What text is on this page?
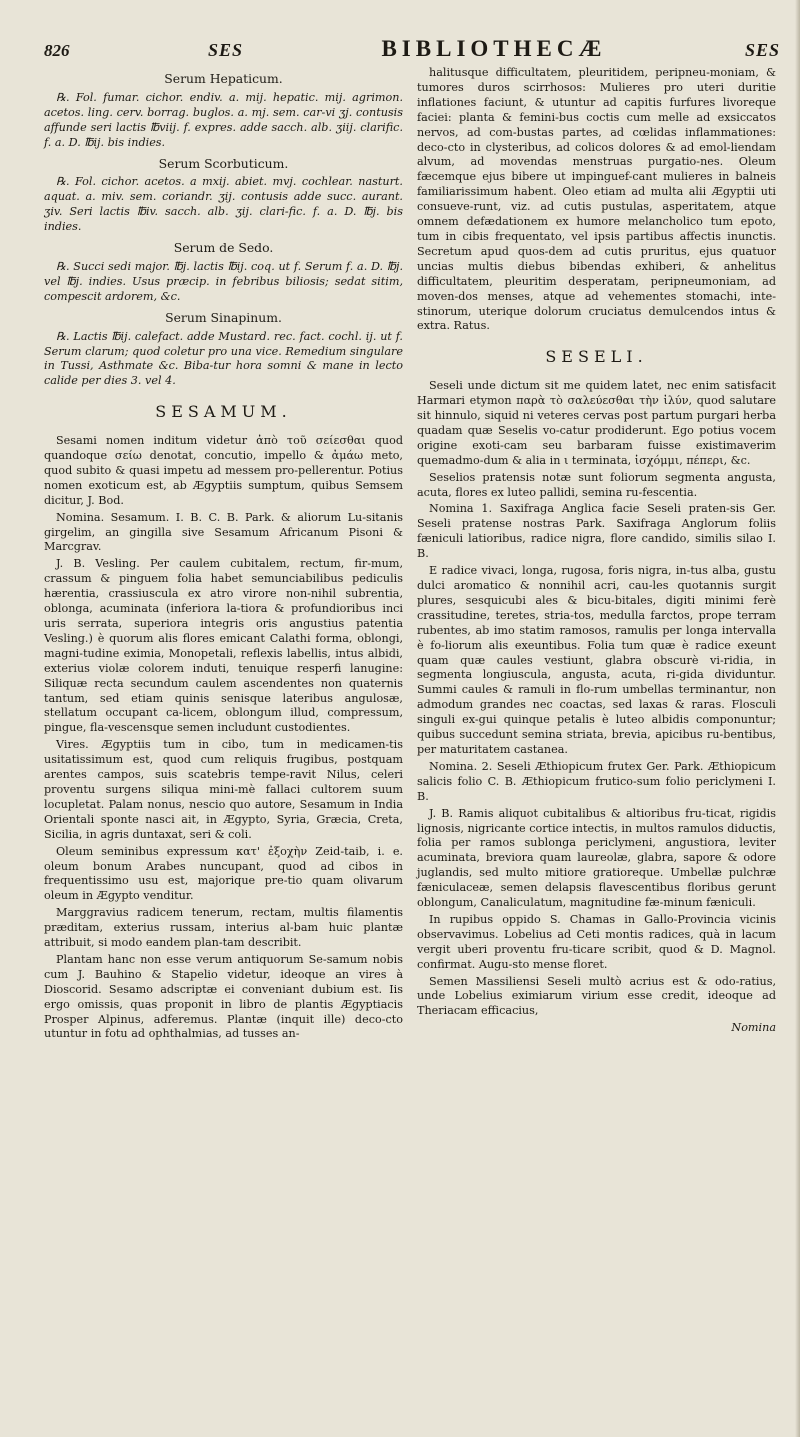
826	SES	BIBLIOTHECÆ	SES

Serum Hepaticum.

℞. Fol. fumar. cichor. endiv. a. mij. hepatic. mij. agrimon. acetos. ling. cerv. borrag. buglos. a. mj. sem. car-vi ʒj. contusis affunde seri lactis ℔viij. f. expres. adde sacch. alb. ʒiij. clarific. f. a. D. ℔ij. bis indies.

Serum Scorbuticum.

℞. Fol. cichor. acetos. a mxij. abiet. mvj. cochlear. nasturt. aquat. a. miv. sem. coriandr. ʒij. contusis adde succ. aurant. ʒiv. Seri lactis ℔iv. sacch. alb. ʒij. clari-fic. f. a. D. ℔j. bis indies.

Serum de Sedo.

℞. Succi sedi major. ℔j. lactis ℔ij. coq. ut f. Serum f. a. D. ℔j. vel ℔j. indies. Usus præcip. in febribus biliosis; sedat sitim, compescit ardorem, &c.

Serum Sinapinum.

℞. Lactis ℔ij. calefact. adde Mustard. rec. fact. cochl. ij. ut f. Serum clarum; quod coletur pro una vice. Remedium singulare in Tussi, Asthmate &c. Biba-tur hora somni & mane in lecto calide per dies 3. vel 4.

SESAMUM.

Sesami nomen inditum videtur ἀπὸ τοῦ σείεσθαι quod quandoque σείω denotat, concutio, impello & ἀμάω meto, quod subito & quasi impetu ad messem pro-pellerentur. Potius nomen exoticum est, ab Ægyptiis sumptum, quibus Semsem dicitur, J. Bod.

Nomina. Sesamum. I. B. C. B. Park. & aliorum Lu-sitanis girgelim, an gingilla sive Sesamum Africanum Pisoni & Marcgrav.

J. B. Vesling. Per caulem cubitalem, rectum, fir-mum, crassum & pinguem folia habet semunciabilibus pediculis hærentia, crassiuscula ex atro virore non-nihil subrentia, oblonga, acuminata (inferiora la-tiora & profundioribus inci uris serrata, superiora integris oris angustius patentia Vesling.) è quorum alis flores emicant Calathi forma, oblongi, magni-tudine eximia, Monopetali, reflexis labellis, intus albidi, exterius violæ colorem induti, tenuique resperfi lanugine: Siliquæ recta secundum caulem ascendentes non quaternis tantum, sed etiam quinis senisque lateribus angulosæ, stellatum occupant ca-licem, oblongum illud, compressum, pingue, fla-vescensque semen includunt custodientes.

Vires. Ægyptiis tum in cibo, tum in medicamen-tis usitatissimum est, quod cum reliquis frugibus, postquam arentes campos, suis scatebris tempe-ravit Nilus, celeri proventu surgens siliqua mini-mè fallaci cultorem suum locupletat. Palam nonus, nescio quo autore, Sesamum in India Orientali sponte nasci ait, in Ægypto, Syria, Græcia, Creta, Sicilia, in agris duntaxat, seri & coli.

Oleum seminibus expressum κατ' ἐξοχὴν Zeid-taib, i. e. oleum bonum Arabes nuncupant, quod ad cibos in frequentissimo usu est, majorique pre-tio quam olivarum oleum in Ægypto venditur.

Marggravius radicem tenerum, rectam, multis filamentis præditam, exterius russam, interius al-bam huic plantæ attribuit, si modo eandem plan-tam describit.

Plantam hanc non esse verum antiquorum Se-samum nobis cum J. Bauhino & Stapelio videtur, ideoque an vires à Dioscorid. Sesamo adscriptæ ei conveniant dubium est. Iis ergo omissis, quas proponit in libro de plantis Ægyptiacis Prosper Alpinus, adferemus. Plantæ (inquit ille) deco-cto utuntur in fotu ad ophthalmias, ad tusses an-

halitusque difficultatem, pleuritidem, peripneu-moniam, & tumores duros scirrhosos: Mulieres pro uteri duritie inflationes faciunt, & utuntur ad capitis furfures livoreque faciei: planta & femini-bus coctis cum melle ad exsiccatos nervos, ad com-bustas partes, ad cœlidas inflammationes: deco-cto in clysteribus, ad colicos dolores & ad emol-liendam alvum, ad movendas menstruas purgatio-nes. Oleum fæcemque ejus bibere ut impinguef-cant mulieres in balneis familiarissimum habent. Oleo etiam ad multa alii Ægyptii uti consueve-runt, viz. ad cutis pustulas, asperitatem, atque omnem defædationem ex humore melancholico tum epoto, tum in cibis frequentato, vel ipsis partibus affectis inunctis. Secretum apud quos-dem ad cutis pruritus, ejus quatuor uncias multis diebus bibendas exhiberi, & anhelitus difficultatem, pleuritim desperatam, peripneumoniam, ad moven-dos menses, atque ad vehementes stomachi, inte-stinorum, uterique dolorum cruciatus demulcendos intus & extra. Ratus.

SESELI.

Seseli unde dictum sit me quidem latet, nec enim satisfacit Harmari etymon παρὰ τὸ σαλεύεσθαι τὴν ἰλύν, quod salutare sit hinnulo, siquid ni veteres cervas post partum purgari herba quadam quæ Seselis vo-catur prodiderunt. Ego potius vocem origine exoti-cam seu barbaram fuisse existimaverim quemadmo-dum & alia in ι terminata, ἰσχόμμι, πέπερι, &c.

Seselios pratensis notæ sunt foliorum segmenta angusta, acuta, flores ex luteo pallidi, semina ru-fescentia.

Nomina 1. Saxifraga Anglica facie Seseli praten-sis Ger. Seseli pratense nostras Park. Saxifraga Anglorum foliis fæniculi latioribus, radice nigra, flore candido, similis silao I. B.

E radice vivaci, longa, rugosa, foris nigra, in-tus alba, gustu dulci aromatico & nonnihil acri, cau-les quotannis surgit plures, sesquicubi ales & bicu-bitales, digiti minimi ferè crassitudine, teretes, stria-tos, medulla farctos, prope terram rubentes, ab imo statim ramosos, ramulis per longa intervalla è fo-liorum alis exeuntibus. Folia tum quæ è radice exeunt quam quæ caules vestiunt, glabra obscurè vi-ridia, in segmenta longiuscula, angusta, acuta, ri-gida dividuntur. Summi caules & ramuli in flo-rum umbellas terminantur, non admodum grandes nec coactas, sed laxas & raras. Flosculi singuli ex-gui quinque petalis è luteo albidis componuntur; quibus succedunt semina striata, brevia, apicibus ru-bentibus, per maturitatem castanea.

Nomina. 2. Seseli Æthiopicum frutex Ger. Park. Æthiopicum salicis folio C. B. Æthiopicum frutico-sum folio periclymeni I. B.

J. B. Ramis aliquot cubitalibus & altioribus fru-ticat, rigidis lignosis, nigricante cortice intectis, in multos ramulos diductis, folia per ramos sublonga periclymeni, angustiora, leviter acuminata, breviora quam laureolæ, glabra, sapore & odore juglandis, sed multo mitiore gratioreque. Umbellæ pulchræ fæniculaceæ, semen delapsis flavescentibus floribus gerunt oblongum, Canaliculatum, magnitudine fæ-minum fæniculi.

In rupibus oppido S. Chamas in Gallo-Provincia vicinis observavimus. Lobelius ad Ceti montis radices, quà in lacum vergit uberi proventu fru-ticare scribit, quod & D. Magnol. confirmat. Augu-sto mense floret.

Semen Massiliensi Seseli multò acrius est & odo-ratius, unde Lobelius eximiarum virium esse credit, ideoque ad Theriacam efficacius,

Nomina
